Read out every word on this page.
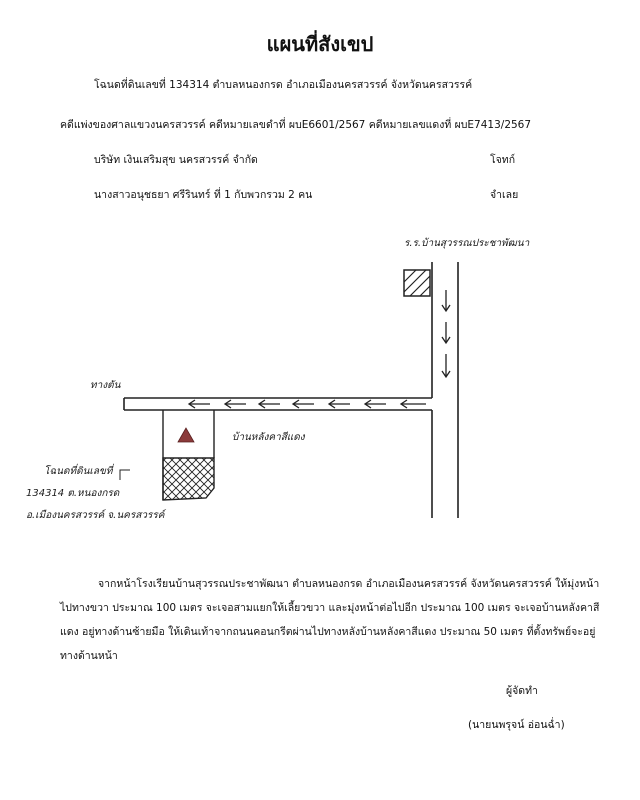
แผนที่สังเขป
โฉนดที่ดินเลขที่ 134314 ตำบลหนองกรด อำเภอเมืองนครสวรรค์ จังหวัดนครสวรรค์
คดีแพ่งของศาลแขวงนครสวรรค์ คดีหมายเลขดำที่ ผบE6601/2567 คดีหมายเลขแดงที่ ผบE7413/2567
บริษัท เงินเสริมสุข นครสวรรค์ จำกัด	โจทก์
นางสาวอนุชธยา ศรีรินทร์ ที่ 1 กับพวกรวม 2 คน	จำเลย
ร.ร.บ้านสุวรรณประชาพัฒนา
ทางตัน
บ้านหลังคาสีแดง
โฉนดที่ดินเลขที่
134314 ต.หนองกรด
อ.เมืองนครสวรรค์ จ.นครสวรรค์
จากหน้าโรงเรียนบ้านสุวรรณประชาพัฒนา ตำบลหนองกรด อำเภอเมืองนครสวรรค์ จังหวัดนครสวรรค์ ให้มุ่งหน้าไปทางขวา ประมาณ 100 เมตร จะเจอสามแยกให้เลี้ยวขวา และมุ่งหน้าต่อไปอีก ประมาณ 100 เมตร จะเจอบ้านหลังคาสีแดง อยู่ทางด้านซ้ายมือ ให้เดินเท้าจากถนนคอนกรีตผ่านไปทางหลังบ้านหลังคาสีแดง ประมาณ 50 เมตร ที่ตั้งทรัพย์จะอยู่ทางด้านหน้า
ผู้จัดทำ
(นายนพรุจน์ อ่อนฉ่ำ)
